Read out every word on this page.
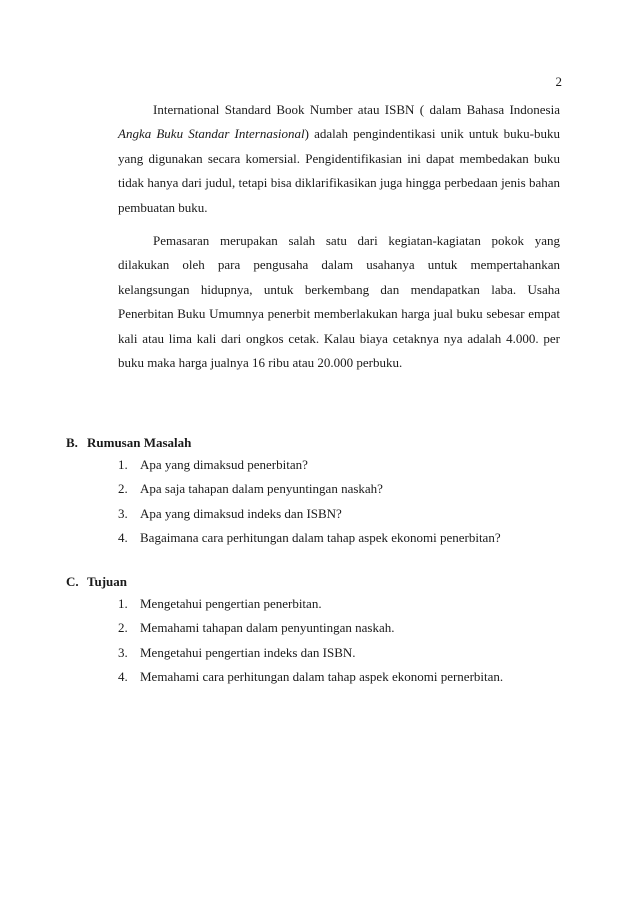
2

International Standard Book Number atau ISBN ( dalam Bahasa Indonesia Angka Buku Standar Internasional) adalah pengindentikasi unik untuk buku-buku yang digunakan secara komersial. Pengidentifikasian ini dapat membedakan buku tidak hanya dari judul, tetapi bisa diklarifikasikan juga hingga perbedaan jenis bahan pembuatan buku.

Pemasaran merupakan salah satu dari kegiatan-kagiatan pokok yang dilakukan oleh para pengusaha dalam usahanya untuk mempertahankan kelangsungan hidupnya, untuk berkembang dan mendapatkan laba. Usaha Penerbitan Buku Umumnya penerbit memberlakukan harga jual buku sebesar empat kali atau lima kali dari ongkos cetak. Kalau biaya cetaknya nya adalah 4.000. per buku maka harga jualnya 16 ribu atau 20.000 perbuku.

B. Rumusan Masalah
1. Apa yang dimaksud penerbitan?
2. Apa saja tahapan dalam penyuntingan naskah?
3. Apa yang dimaksud indeks dan ISBN?
4. Bagaimana cara perhitungan dalam tahap aspek ekonomi penerbitan?
C. Tujuan
1. Mengetahui pengertian penerbitan.
2. Memahami tahapan dalam penyuntingan naskah.
3. Mengetahui pengertian indeks dan ISBN.
4. Memahami cara perhitungan dalam tahap aspek ekonomi pernerbitan.
